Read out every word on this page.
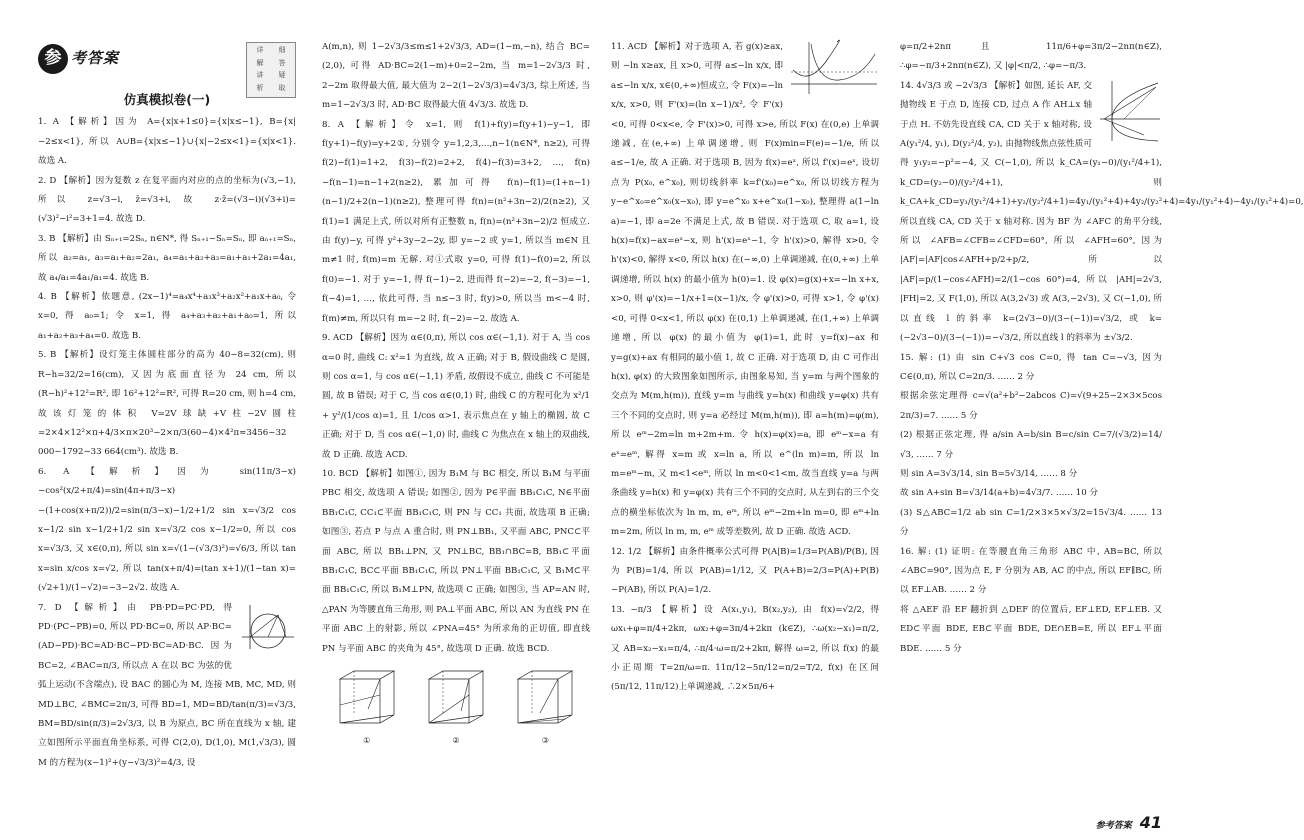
参 考答案	详	细
解	答
讲	疑
析	取
仿真模拟卷(一)

1. A 【解析】因为 A={x|x+1≤0}={x|x≤−1}, B={x|−2≤x<1}, 所以 A∪B={x|x≤−1}∪{x|−2≤x<1}={x|x<1}. 故选 A.

2. D 【解析】因为复数 z 在复平面内对应的点的坐标为(√3,−1), 所以 z=√3−i, z̄=√3+i, 故 z·z̄=(√3−i)(√3+i)=(√3)²−i²=3+1=4. 故选 D.

3. B 【解析】由 Sₙ₊₁=2Sₙ, n∈N*, 得 Sₙ₊₁−Sₙ=Sₙ, 即 aₙ₊₁=Sₙ, 所以 a₂=a₁, a₃=a₁+a₂=2a₁, a₄=a₁+a₂+a₃=a₁+a₁+2a₁=4a₁, 故 a₄/a₁=4a₁/a₁=4. 故选 B.

4. B 【解析】依题意, (2x−1)⁴=a₄x⁴+a₃x³+a₂x²+a₁x+a₀, 令 x=0, 得 a₀=1; 令 x=1, 得 a₄+a₃+a₂+a₁+a₀=1, 所以 a₁+a₂+a₃+a₄=0. 故选 B.

5. B 【解析】设灯笼主体圆柱部分的高为 40−8=32(cm), 则 R−h=32/2=16(cm), 又因为底面直径为 24 cm, 所以(R−h)²+12²=R², 即 16²+12²=R², 可得 R=20 cm, 则 h=4 cm, 故该灯笼的体积 V=2V球缺+V柱−2V圆柱=2×4×12²×π+4/3×π×20³−2×π/3(60−4)×4²π≈3456−32 000−1792−33 664(cm³). 故选 B.

6. A 【解析】因为 sin(11π/3−x)−cos²(x/2+π/4)=sin(4π+π/3−x)−(1+cos(x+π/2))/2=sin(π/3−x)−1/2+1/2 sin x=√3/2 cos x−1/2 sin x−1/2+1/2 sin x=√3/2 cos x−1/2=0, 所以 cos x=√3/3, 又 x∈(0,π), 所以 sin x=√(1−(√3/3)²)=√6/3, 所以 tan x=sin x/cos x=√2, 所以 tan(x+π/4)=(tan x+1)/(1−tan x)=(√2+1)/(1−√2)=−3−2√2. 故选 A.

7. D 【解析】由 PB·PD=PC·PD, 得 PD·(PC−PB)=0, 所以 PD·BC=0, 所以 AP·BC=(AD−PD)·BC=AD·BC−PD·BC=AD·BC. 因为 BC=2, ∠BAC=π/3, 所以点 A 在以 BC 为弦的优弧上运动(不含端点), 设 BAC 的圆心为 M, 连接 MB, MC, MD, 则 MD⊥BC, ∠BMC=2π/3, 可得 BD=1, MD=BD/tan(π/3)=√3/3, BM=BD/sin(π/3)=2√3/3, 以 B 为原点, BC 所在直线为 x 轴, 建立如图所示平面直角坐标系, 可得 C(2,0), D(1,0), M(1,√3/3), 圆 M 的方程为(x−1)²+(y−√3/3)²=4/3, 设

A(m,n), 则 1−2√3/3≤m≤1+2√3/3, AD=(1−m,−n), 结合 BC=(2,0), 可得 AD·BC=2(1−m)+0=2−2m, 当 m=1−2√3/3 时, 2−2m 取得最大值, 最大值为 2−2(1−2√3/3)=4√3/3, 综上所述, 当 m=1−2√3/3 时, AD·BC 取得最大值 4√3/3. 故选 D.

8. A 【解析】令 x=1, 则 f(1)+f(y)=f(y+1)−y−1, 即 f(y+1)−f(y)=y+2①, 分别令 y=1,2,3,…,n−1(n∈N*, n≥2), 可得 f(2)−f(1)=1+2, f(3)−f(2)=2+2, f(4)−f(3)=3+2, …, f(n)−f(n−1)=n−1+2(n≥2), 累加可得 f(n)−f(1)=(1+n−1)(n−1)/2+2(n−1)(n≥2), 整理可得 f(n)=(n²+3n−2)/2(n≥2), 又 f(1)=1 满足上式, 所以对所有正整数 n, f(n)=(n²+3n−2)/2 恒成立. 由 f(y)−y, 可得 y²+3y−2−2y, 即 y=−2 或 y=1, 所以当 m∈N 且 m≠1 时, f(m)=m 无解. 对①式取 y=0, 可得 f(1)−f(0)=2, 所以 f(0)=−1. 对于 y=−1, 得 f(−1)−2, 进而得 f(−2)=−2, f(−3)=−1, f(−4)=1, …, 依此可得, 当 n≤−3 时, f(y)>0, 所以当 m<−4 时, f(m)≠m, 所以只有 m=−2 时, f(−2)=−2. 故选 A.

9. ACD 【解析】因为 α∈(0,π), 所以 cos α∈(−1,1). 对于 A, 当 cos α=0 时, 曲线 C: x²=1 为直线, 故 A 正确; 对于 B, 假设曲线 C 是圆, 则 cos α=1, 与 cos α∈(−1,1) 矛盾, 故假设不成立, 曲线 C 不可能是圆, 故 B 错误; 对于 C, 当 cos α∈(0,1) 时, 曲线 C 的方程可化为 x²/1 + y²/(1/cos α)=1, 且 1/cos α>1, 表示焦点在 y 轴上的椭圆, 故 C 正确; 对于 D, 当 cos α∈(−1,0) 时, 曲线 C 为焦点在 x 轴上的双曲线, 故 D 正确. 故选 ACD.

10. BCD 【解析】如图①, 因为 B₁M 与 BC 相交, 所以 B₁M 与平面 PBC 相交, 故选项 A 错误; 如图②, 因为 P∈平面 BB₁C₁C, N∈平面 BB₁C₁C, CC₁⊂平面 BB₁C₁C, 则 PN 与 CC₁ 共面, 故选项 B 正确; 如图③, 若点 P 与点 A 重合时, 则 PN⊥BB₁, 又平面 ABC, PNC⊂平面 ABC, 所以 BB₁⊥PN, 又 PN⊥BC, BB₁∩BC=B, BB₁⊂平面 BB₁C₁C, BC⊂平面 BB₁C₁C, 所以 PN⊥平面 BB₁C₁C, 又 B₁M⊂平面 BB₁C₁C, 所以 B₁M⊥PN, 故选项 C 正确; 如图③, 当 AP=AN 时, △PAN 为等腰直角三角形, 则 PA⊥平面 ABC, 所以 AN 为直线 PN 在平面 ABC 上的射影, 所以 ∠PNA=45° 为所求角的正切值, 即直线 PN 与平面 ABC 的夹角为 45°, 故选项 D 正确. 故选 BCD.

①	②	③

11. ACD 【解析】对于选项 A, 若 g(x)≥ax, 则 −ln x≥ax, 且 x>0, 可得 a≤−ln x/x, 即 a≤−ln x/x, x∈(0,+∞)恒成立, 令 F(x)=−ln x/x, x>0, 则 F'(x)=(ln x−1)/x², 令 F'(x)<0, 可得 0<x<e, 令 F'(x)>0, 可得 x>e, 所以 F(x) 在(0,e) 上单调递减, 在(e,+∞) 上单调递增, 则 F(x)min=F(e)=−1/e, 所以 a≤−1/e, 故 A 正确. 对于选项 B, 因为 f(x)=eˣ, 所以 f'(x)=eˣ, 设切点为 P(x₀, e^x₀), 则切线斜率 k=f'(x₀)=e^x₀, 所以切线方程为 y−e^x₀=e^x₀(x−x₀), 即 y=e^x₀ x+e^x₀(1−x₀), 整理得 a(1−ln a)=−1, 即 a=2e 不满足上式, 故 B 错误. 对于选项 C, 取 a=1, 设 h(x)=f(x)−ax=eˣ−x, 则 h'(x)=eˣ−1, 令 h'(x)>0, 解得 x>0, 令 h'(x)<0, 解得 x<0, 所以 h(x) 在(−∞,0) 上单调递减, 在(0,+∞) 上单调递增, 所以 h(x) 的最小值为 h(0)=1. 设 φ(x)=g(x)+x=−ln x+x, x>0, 则 φ'(x)=−1/x+1=(x−1)/x, 令 φ'(x)>0, 可得 x>1, 令 φ'(x)<0, 可得 0<x<1, 所以 φ(x) 在(0,1) 上单调递减, 在(1,+∞) 上单调递增, 所以 φ(x) 的最小值为 φ(1)=1, 此时 y=f(x)−ax 和 y=g(x)+ax 有相同的最小值 1, 故 C 正确. 对于选项 D, 由 C 可作出 h(x), φ(x) 的大致图象如图所示, 由图象易知, 当 y=m 与两个图象的交点为 M(m,h(m)), 直线 y=m 与曲线 y=h(x) 和曲线 y=φ(x) 共有三个不同的交点时, 则 y=a 必经过 M(m,h(m)), 即 a=h(m)=φ(m), 所以 eᵐ−2m=ln m+2m+m. 令 h(x)=φ(x)=a, 即 eᵐ−x=a 有 eˣ=eᵐ, 解得 x=m 或 x=ln a, 所以 e^(ln m)=m, 所以 ln m=eᵐ−m, 又 m<1<eᵐ, 所以 ln m<0<1<m, 故当直线 y=a 与两条曲线 y=h(x) 和 y=φ(x) 共有三个不同的交点时, 从左到右的三个交点的横坐标依次为 ln m, m, eᵐ, 所以 eᵐ−2m+ln m=0, 即 eᵐ+ln m=2m, 所以 ln m, m, eᵐ 成等差数列, 故 D 正确. 故选 ACD.

12. 1/2 【解析】由条件概率公式可得 P(A|B)=1/3=P(AB)/P(B), 因为 P(B)=1/4, 所以 P(AB)=1/12, 又 P(A+B)=2/3=P(A)+P(B)−P(AB), 所以 P(A)=1/2.

13. −π/3 【解析】设 A(x₁,y₁), B(x₂,y₂), 由 f(x)=√2/2, 得 ωx₁+φ=π/4+2kπ, ωx₂+φ=3π/4+2kπ (k∈Z), ∴ω(x₂−x₁)=π/2, 又 AB=x₂−x₁=π/4, ∴π/4·ω=π/2+2kπ, 解得 ω=2, 所以 f(x) 的最小正周期 T=2π/ω=π. 11π/12−5π/12=π/2=T/2, f(x) 在区间(5π/12, 11π/12)上单调递减, ∴2×5π/6+

φ=π/2+2nπ 且 11π/6+φ=3π/2−2nπ(n∈Z), ∴φ=−π/3+2nπ(n∈Z), 又 |φ|<π/2, ∴φ=−π/3.

14. 4√3/3 或 −2√3/3 【解析】如图, 延长 AF, 交抛物线 E 于点 D, 连接 CD, 过点 A 作 AH⊥x 轴于点 H. 不妨先设直线 CA, CD 关于 x 轴对称, 设 A(y₁²/4, y₁), D(y₂²/4, y₂), 由抛物线焦点弦性质可得 y₁y₂=−p²=−4, 又 C(−1,0), 所以 k_CA=(y₁−0)/(y₁²/4+1), k_CD=(y₂−0)/(y₂²/4+1), 则 k_CA+k_CD=y₁/(y₁²/4+1)+y₂/(y₂²/4+1)=4y₁/(y₁²+4)+4y₂/(y₂²+4)=4y₁/(y₁²+4)−4y₁/(y₁²+4)=0, 所以直线 CA, CD 关于 x 轴对称. 因为 BF 为 ∠AFC 的角平分线, 所以 ∠AFB=∠CFB=∠CFD=60°, 所以 ∠AFH=60°, 因为 |AF|=|AF|cos∠AFH+p/2+p/2, 所以 |AF|=p/(1−cos∠AFH)=2/(1−cos 60°)=4, 所以 |AH|=2√3, |FH|=2, 又 F(1,0), 所以 A(3,2√3) 或 A(3,−2√3), 又 C(−1,0), 所以直线 l 的斜率 k=(2√3−0)/(3−(−1))=√3/2, 或 k=(−2√3−0)/(3−(−1))=−√3/2, 所以直线 l 的斜率为 ±√3/2.

15. 解: (1) 由 sin C+√3 cos C=0, 得 tan C=−√3, 因为 C∈(0,π), 所以 C=2π/3. …… 2 分

根据余弦定理得 c=√(a²+b²−2abcos C)=√(9+25−2×3×5cos 2π/3)=7. …… 5 分

(2) 根据正弦定理, 得 a/sin A=b/sin B=c/sin C=7/(√3/2)=14/√3, …… 7 分

则 sin A=3√3/14, sin B=5√3/14, …… 8 分

故 sin A+sin B=√3/14(a+b)=4√3/7. …… 10 分

(3) S△ABC=1/2 ab sin C=1/2×3×5×√3/2=15√3/4. …… 13 分

16. 解: (1) 证明: 在等腰直角三角形 ABC 中, AB=BC, 所以 ∠ABC=90°, 因为点 E, F 分别为 AB, AC 的中点, 所以 EF∥BC, 所以 EF⊥AB. …… 2 分

将 △AEF 沿 EF 翻折到 △DEF 的位置后, EF⊥ED, EF⊥EB. 又 ED⊂平面 BDE, EB⊂平面 BDE, DE∩EB=E, 所以 EF⊥平面 BDE. …… 5 分

参考答案 41
